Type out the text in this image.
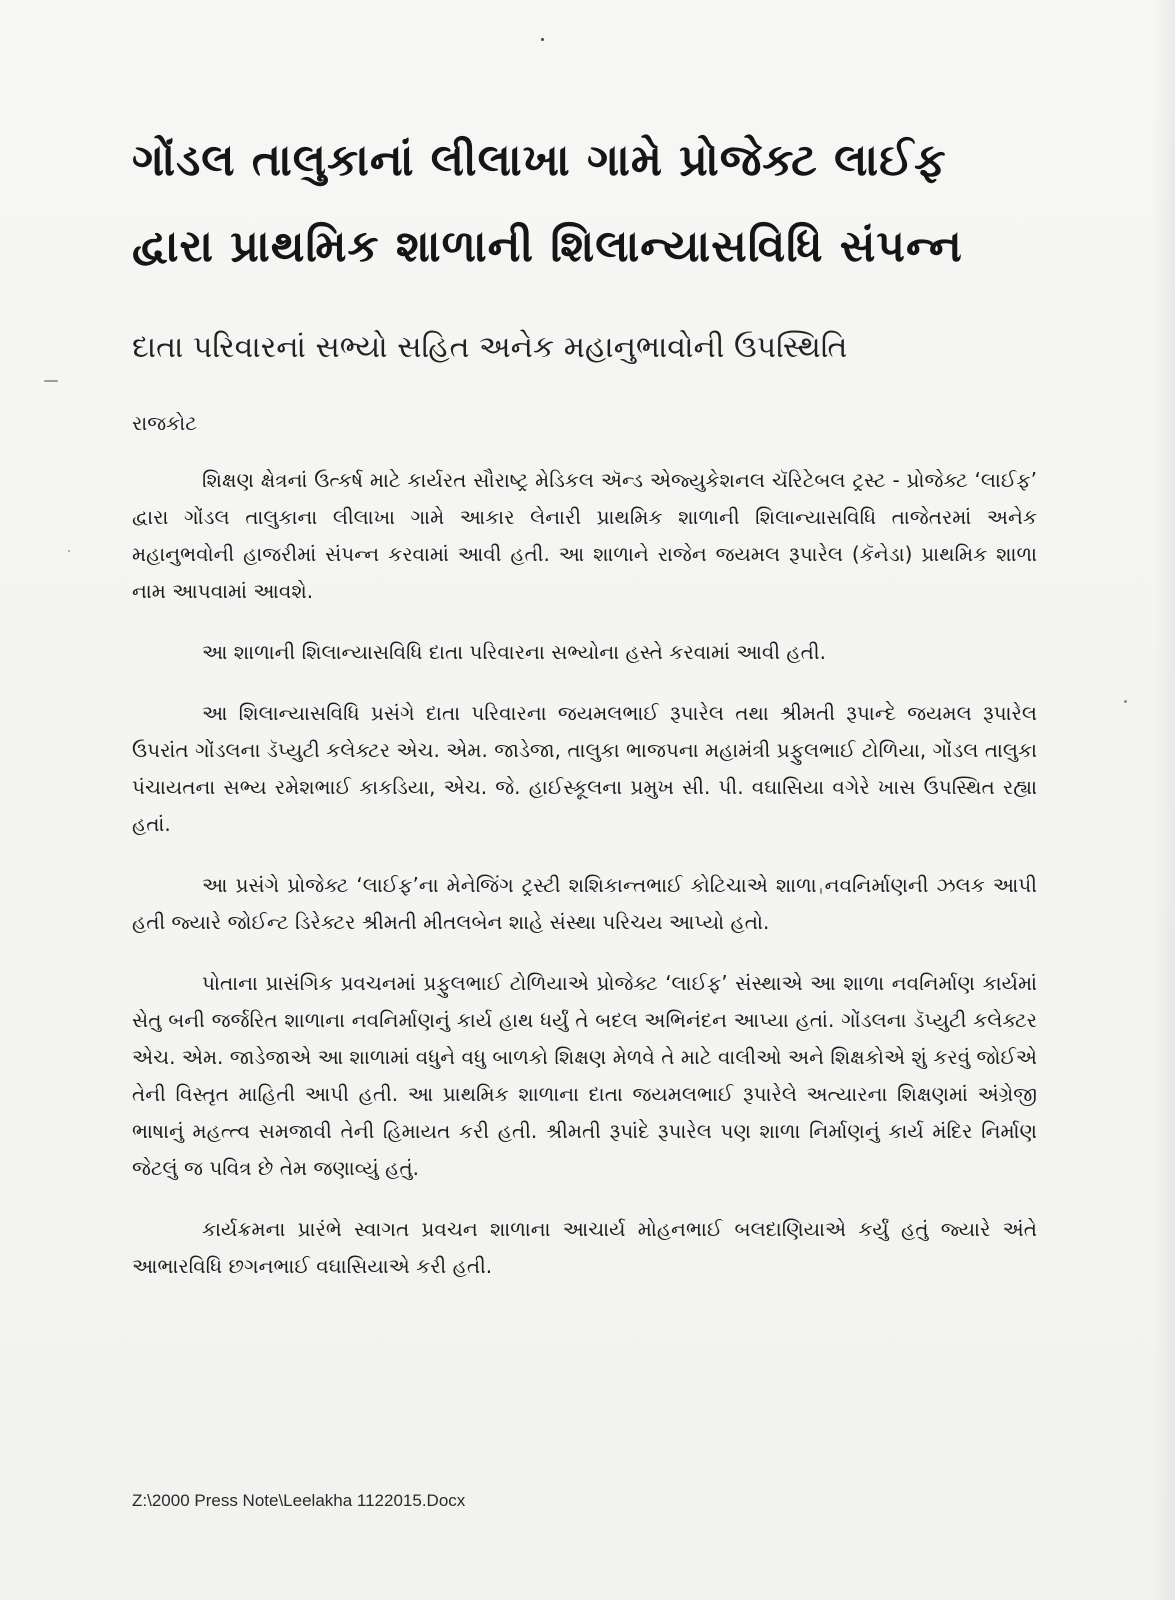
ગોંડલ તાલુકાનાં લીલાખા ગામે પ્રોજેક્ટ લાઈફ
દ્વારા પ્રાથમિક શાળાની શિલાન્યાસવિધિ સંપન્ન
દાતા પરિવારનાં સભ્યો સહિત અનેક મહાનુભાવોની ઉપસ્થિતિ
રાજકોટ

શિક્ષણ ક્ષેત્રનાં ઉત્કર્ષ માટે કાર્યરત સૌરાષ્ટ્ર મેડિકલ ઍન્ડ એજ્યુકેશનલ ચૅરિટેબલ ટ્રસ્ટ - પ્રોજેક્ટ ‘લાઈફ’ દ્વારા ગોંડલ તાલુકાના લીલાખા ગામે આકાર લેનારી પ્રાથમિક શાળાની શિલાન્યાસવિધિ તાજેતરમાં અનેક મહાનુભવોની હાજરીમાં સંપન્ન કરવામાં આવી હતી. આ શાળાને રાજેન જયમલ રૂપારેલ (કૅનેડા) પ્રાથમિક શાળા નામ આપવામાં આવશે.

આ શાળાની શિલાન્યાસવિધિ દાતા પરિવારના સભ્યોના હસ્તે કરવામાં આવી હતી.

આ શિલાન્યાસવિધિ પ્રસંગે દાતા પરિવારના જયમલભાઈ રૂપારેલ તથા શ્રીમતી રૂપાન્દે જયમલ રૂપારેલ ઉપરાંત ગોંડલના ડૅપ્યુટી કલેક્ટર એચ. એમ. જાડેજા, તાલુકા ભાજપના મહામંત્રી પ્રફુલભાઈ ટોળિયા, ગોંડલ તાલુકા પંચાયતના સભ્ય રમેશભાઈ કાકડિયા, એચ. જે. હાઈસ્કૂલના પ્રમુખ સી. પી. વઘાસિયા વગેરે ખાસ ઉપસ્થિત રહ્યા હતાં.

આ પ્રસંગે પ્રોજેક્ટ ‘લાઈફ’ના મેનેજિંગ ટ્રસ્ટી શશિકાન્તભાઈ કોટિચાએ શાળા નવનિર્માણની ઝલક આપી હતી જ્યારે જોઈન્ટ ડિરેક્ટર શ્રીમતી મીતલબેન શાહે સંસ્થા પરિચય આપ્યો હતો.

પોતાના પ્રાસંગિક પ્રવચનમાં પ્રફુલભાઈ ટોળિયાએ પ્રોજેક્ટ ‘લાઈફ’ સંસ્થાએ આ શાળા નવનિર્માણ કાર્યમાં સેતુ બની જર્જરિત શાળાના નવનિર્માણનું કાર્ય હાથ ધર્યું તે બદલ અભિનંદન આપ્યા હતાં. ગોંડલના ડૅપ્યુટી કલેક્ટર એચ. એમ. જાડેજાએ આ શાળામાં વધુને વધુ બાળકો શિક્ષણ મેળવે તે માટે વાલીઓ અને શિક્ષકોએ શું કરવું જોઈએ તેની વિસ્તૃત માહિતી આપી હતી. આ પ્રાથમિક શાળાના દાતા જયમલભાઈ રૂપારેલે અત્યારના શિક્ષણમાં અંગ્રેજી ભાષાનું મહત્ત્વ સમજાવી તેની હિમાયત કરી હતી. શ્રીમતી રૂપાંદે રૂપારેલ પણ શાળા નિર્માણનું કાર્ય મંદિર નિર્માણ જેટલું જ પવિત્ર છે તેમ જણાવ્યું હતું.

કાર્યક્રમના પ્રારંભે સ્વાગત પ્રવચન શાળાના આચાર્ય મોહનભાઈ બલદાણિયાએ કર્યું હતું જ્યારે અંતે આભારવિધિ છગનભાઈ વઘાસિયાએ કરી હતી.

Z:\2000 Press Note\Leelakha 1122015.Docx
